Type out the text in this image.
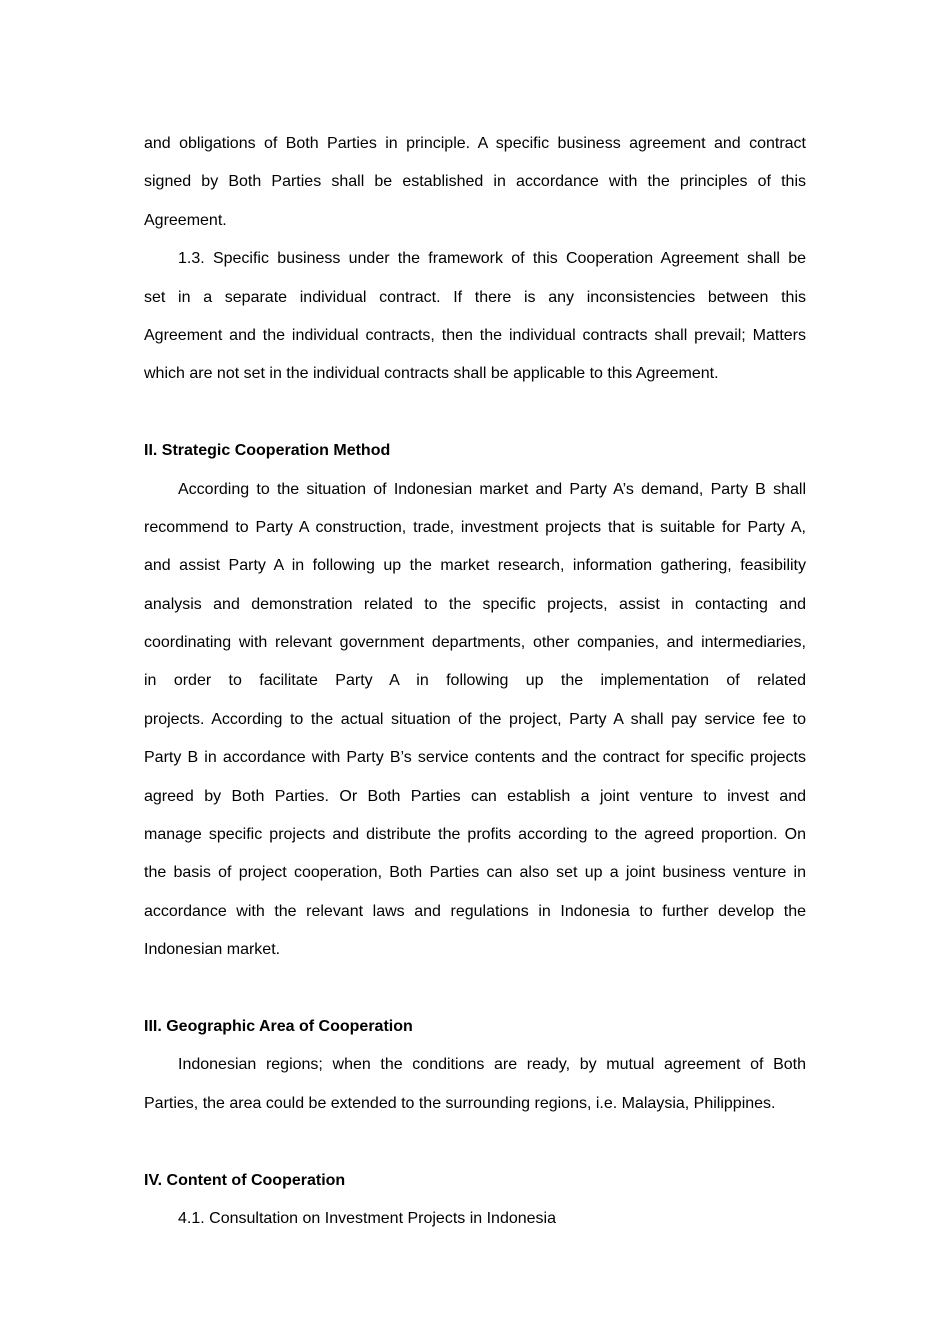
and obligations of Both Parties in principle. A specific business agreement and contract
signed by Both Parties shall be established in accordance with the principles of this
Agreement.
1.3. Specific business under the framework of this Cooperation Agreement shall be
set in a separate individual contract. If there is any inconsistencies between this
Agreement and the individual contracts, then the individual contracts shall prevail; Matters
which are not set in the individual contracts shall be applicable to this Agreement.
II. Strategic Cooperation Method
According to the situation of Indonesian market and Party A’s demand, Party B shall
recommend to Party A construction, trade, investment projects that is suitable for Party A,
and assist Party A in following up the market research, information gathering, feasibility
analysis and demonstration related to the specific projects, assist in contacting and
coordinating with relevant government departments, other companies, and intermediaries,
in order to facilitate Party A in following up the implementation of related
projects. According to the actual situation of the project, Party A shall pay service fee to
Party B in accordance with Party B’s service contents and the contract for specific projects
agreed by Both Parties. Or Both Parties can establish a joint venture to invest and
manage specific projects and distribute the profits according to the agreed proportion. On
the basis of project cooperation, Both Parties can also set up a joint business venture in
accordance with the relevant laws and regulations in Indonesia to further develop the
Indonesian market.
III. Geographic Area of Cooperation
Indonesian regions; when the conditions are ready, by mutual agreement of Both
Parties, the area could be extended to the surrounding regions, i.e. Malaysia, Philippines.
IV. Content of Cooperation
4.1. Consultation on Investment Projects in Indonesia
